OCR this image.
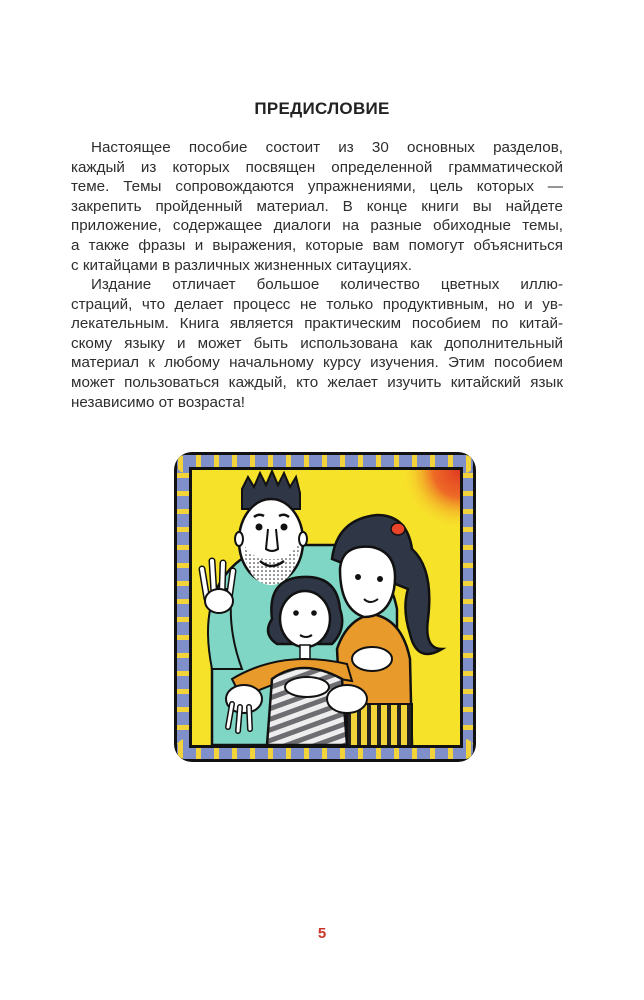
ПРЕДИСЛОВИЕ
Настоящее пособие состоит из 30 основных разделов,
каждый из которых посвящен определенной грамматической
теме. Темы сопровождаются упражнениями, цель которых —
закрепить пройденный материал. В конце книги вы найдете
приложение, содержащее диалоги на разные обиходные темы,
а также фразы и выражения, которые вам помогут объясниться
с китайцами в различных жизненных ситауциях.
Издание отличает большое количество цветных иллю-
страций, что делает процесс не только продуктивным, но и ув-
лекательным. Книга является практическим пособием по китай-
скому языку и может быть использована как дополнительный
материал к любому начальному курсу изучения. Этим пособием
может пользоваться каждый, кто желает изучить китайский язык
независимо от возраста!
5
